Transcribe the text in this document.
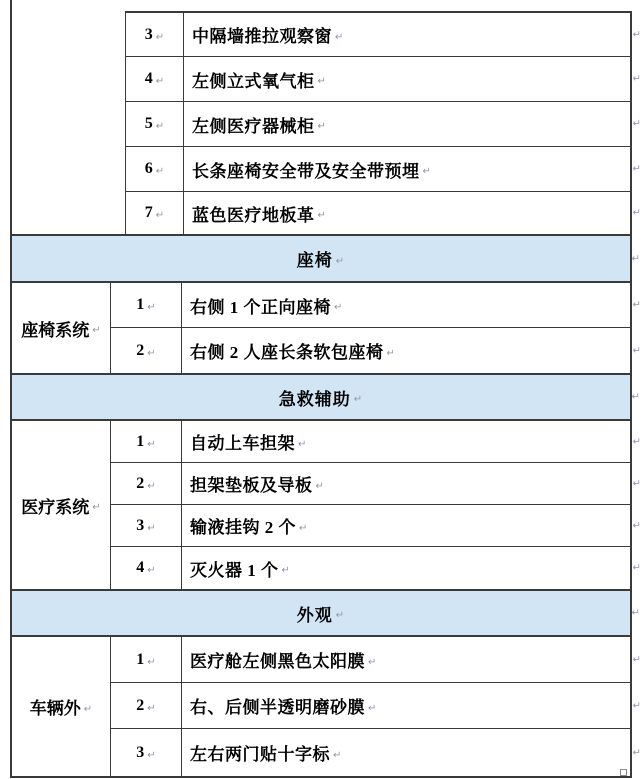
3 ↵ 中隔墙推拉观察窗 ↵	↵
4 ↵ 左侧立式氧气柜 ↵	↵
5 ↵ 左侧医疗器械柜 ↵	↵
6 ↵ 长条座椅安全带及安全带预埋 ↵	↵
7 ↵ 蓝色医疗地板革 ↵	↵
座椅 ↵	↵
座椅系统 ↵
1 ↵ 右侧 1 个正向座椅 ↵	↵
2 ↵ 右侧 2 人座长条软包座椅 ↵	↵
急救辅助 ↵	↵
医疗系统 ↵
1 ↵ 自动上车担架 ↵	↵
2 ↵ 担架垫板及导板 ↵	↵
3 ↵ 输液挂钩 2 个 ↵	↵
4 ↵ 灭火器 1 个 ↵	↵
外观 ↵	↵
车辆外 ↵
1 ↵ 医疗舱左侧黑色太阳膜 ↵	↵
2 ↵ 右、后侧半透明磨砂膜 ↵	↵
3 ↵ 左右两门贴十字标 ↵	↵
